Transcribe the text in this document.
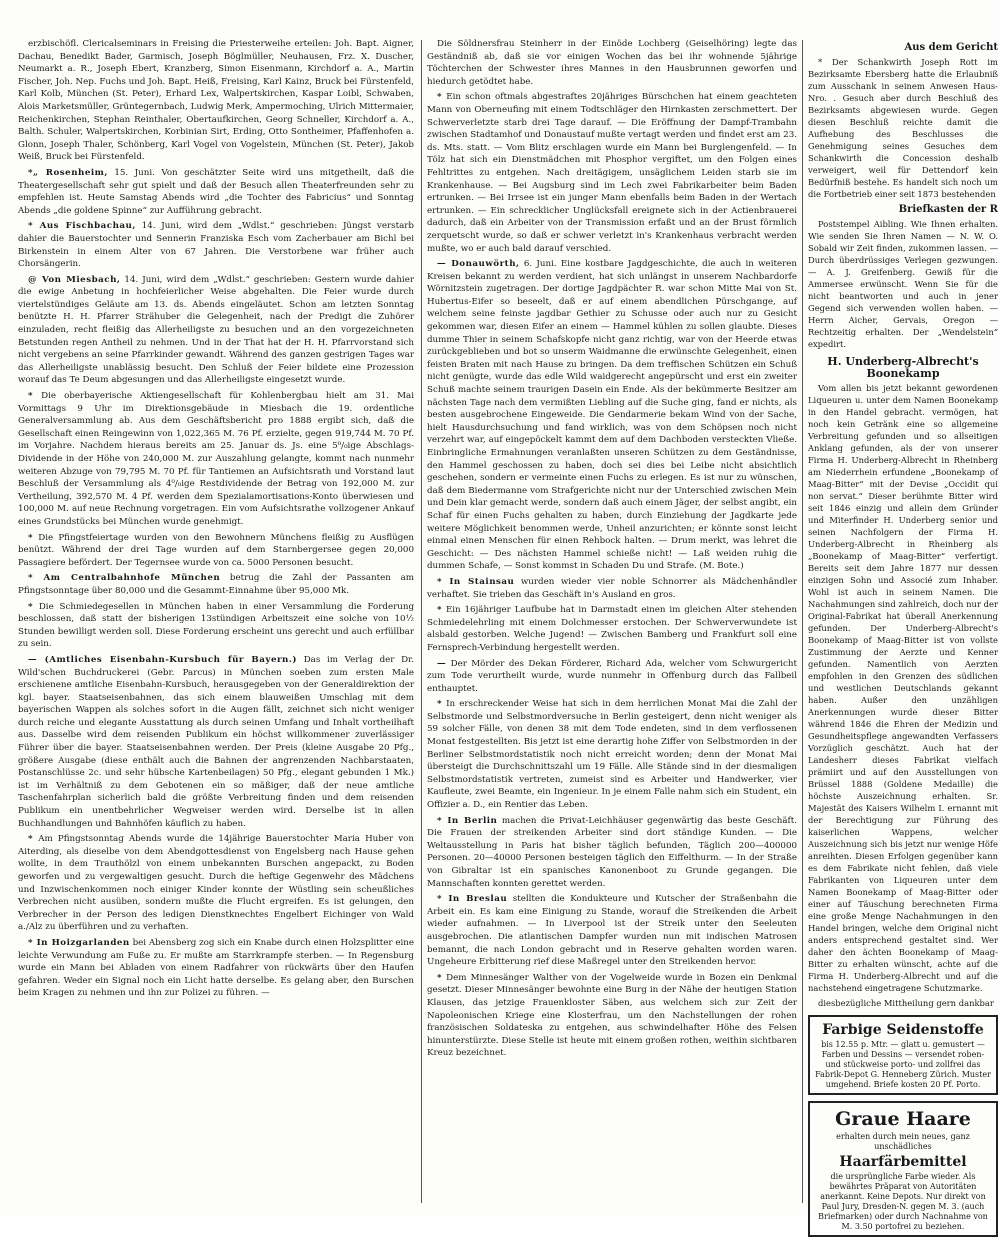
erzbischöfl. Clericalseminars in Freising die Priesterweihe erteilen: Joh. Bapt. Aigner, Dachau, Benedikt Bader, Garmisch, Joseph Böglmüller, Neuhausen, Frz. X. Duscher, Neumarkt a. R., Joseph Ebert, Kranzberg, Simon Eisenmann, Kirchdorf a. A., Martin Fischer, Joh. Nep. Fuchs und Joh. Bapt. Heiß, Freising, Karl Kainz, Bruck bei Fürstenfeld, Karl Kolb, München (St. Peter), Erhard Lex, Walpertskirchen, Kaspar Loibl, Schwaben, Alois Marketsmüller, Grüntegernbach, Ludwig Merk, Ampermoching, Ulrich Mittermaier, Reichenkirchen, Stephan Reinthaler, Obertaufkirchen, Georg Schneller, Kirchdorf a. A., Balth. Schuler, Walpertskirchen, Korbinian Sirt, Erding, Otto Sontheimer, Pfaffenhofen a. Glonn, Joseph Thaler, Schönberg, Karl Vogel von Vogelstein, München (St. Peter), Jakob Weiß, Bruck bei Fürstenfeld.

*„ Rosenheim, 15. Juni. Von geschätzter Seite wird uns mitgetheilt, daß die Theatergesellschaft sehr gut spielt und daß der Besuch allen Theaterfreunden sehr zu empfehlen ist. Heute Samstag Abends wird „die Tochter des Fabricius“ und Sonntag Abends „die goldene Spinne“ zur Aufführung gebracht.

* Aus Fischbachau, 14. Juni, wird dem „Wdlst.“ geschrieben: Jüngst verstarb dahier die Bauerstochter und Sennerin Franziska Esch vom Zacherbauer am Bichl bei Birkenstein in einem Alter von 67 Jahren. Die Verstorbene war früher auch Chorsängerin.

@ Von Miesbach, 14. Juni, wird dem „Wdlst.“ geschrieben: Gestern wurde dahier die ewige Anbetung in hochfeierlicher Weise abgehalten. Die Feier wurde durch viertelstündiges Geläute am 13. ds. Abends eingeläutet. Schon am letzten Sonntag benützte H. H. Pfarrer Strähuber die Gelegenheit, nach der Predigt die Zuhörer einzuladen, recht fleißig das Allerheiligste zu besuchen und an den vorgezeichneten Betstunden regen Antheil zu nehmen. Und in der That hat der H. H. Pfarrvorstand sich nicht vergebens an seine Pfarrkinder gewandt. Während des ganzen gestrigen Tages war das Allerheiligste unablässig besucht. Den Schluß der Feier bildete eine Prozession worauf das Te Deum abgesungen und das Allerheiligste eingesetzt wurde.

* Die oberbayerische Aktiengesellschaft für Kohlenbergbau hielt am 31. Mai Vormittags 9 Uhr im Direktionsgebäude in Miesbach die 19. ordentliche Generalversammlung ab. Aus dem Geschäftsbericht pro 1888 ergibt sich, daß die Gesellschaft einen Reingewinn von 1,022,365 M. 76 Pf. erzielte, gegen 919,744 M. 70 Pf. im Vorjahre. Nachdem hieraus bereits am 25. Januar ds. Js. eine 5⁰/₀ige Abschlags-Dividende in der Höhe von 240,000 M. zur Auszahlung gelangte, kommt nach nunmehr weiteren Abzuge von 79,795 M. 70 Pf. für Tantiemen an Aufsichtsrath und Vorstand laut Beschluß der Versammlung als 4⁰/₀ige Restdividende der Betrag von 192,000 M. zur Vertheilung, 392,570 M. 4 Pf. werden dem Spezialamortisations-Konto überwiesen und 100,000 M. auf neue Rechnung vorgetragen. Ein vom Aufsichtsrathe vollzogener Ankauf eines Grundstücks bei München wurde genehmigt.

* Die Pfingstfeiertage wurden von den Bewohnern Münchens fleißig zu Ausflügen benützt. Während der drei Tage wurden auf dem Starnbergersee gegen 20,000 Passagiere befördert. Der Tegernsee wurde von ca. 5000 Personen besucht.

* Am Centralbahnhofe München betrug die Zahl der Passanten am Pfingstsonntage über 80,000 und die Gesammt-Einnahme über 95,000 Mk.

* Die Schmiedegesellen in München haben in einer Versammlung die Forderung beschlossen, daß statt der bisherigen 13stündigen Arbeitszeit eine solche von 10½ Stunden bewilligt werden soll. Diese Forderung erscheint uns gerecht und auch erfüllbar zu sein.

— (Amtliches Eisenbahn-Kursbuch für Bayern.) Das im Verlag der Dr. Wild'schen Buchdruckerei (Gebr. Parcus) in München soeben zum ersten Male erschienene amtliche Eisenbahn-Kursbuch, herausgegeben von der Generaldirektion der kgl. bayer. Staatseisenbahnen, das sich einem blauweißen Umschlag mit dem bayerischen Wappen als solches sofort in die Augen fällt, zeichnet sich nicht weniger durch reiche und elegante Ausstattung als durch seinen Umfang und Inhalt vortheilhaft aus. Dasselbe wird dem reisenden Publikum ein höchst willkommener zuverlässiger Führer über die bayer. Staatseisenbahnen werden. Der Preis (kleine Ausgabe 20 Pfg., größere Ausgabe (diese enthält auch die Bahnen der angrenzenden Nachbarstaaten, Postanschlüsse 2c. und sehr hübsche Kartenbeilagen) 50 Pfg., elegant gebunden 1 Mk.) ist im Verhältniß zu dem Gebotenen ein so mäßiger, daß der neue amtliche Taschenfahrplan sicherlich bald die größte Verbreitung finden und dem reisenden Publikum ein unentbehrlicher Wegweiser werden wird. Derselbe ist in allen Buchhandlungen und Bahnhöfen käuflich zu haben.

* Am Pfingstsonntag Abends wurde die 14jährige Bauerstochter Maria Huber von Aiterding, als dieselbe von dem Abendgottesdienst von Engelsberg nach Hause gehen wollte, in dem Trauthölzl von einem unbekannten Burschen angepackt, zu Boden geworfen und zu vergewaltigen gesucht. Durch die heftige Gegenwehr des Mädchens und Inzwischenkommen noch einiger Kinder konnte der Wüstling sein scheußliches Verbrechen nicht ausüben, sondern mußte die Flucht ergreifen. Es ist gelungen, den Verbrecher in der Person des ledigen Dienstknechtes Engelbert Eichinger von Wald a./Alz zu überführen und zu verhaften.

* In Hoizgarlanden bei Abensberg zog sich ein Knabe durch einen Holzsplitter eine leichte Verwundung am Fuße zu. Er mußte am Starrkrampfe sterben. — In Regensburg wurde ein Mann bei Abladen von einem Radfahrer von rückwärts über den Haufen gefahren. Weder ein Signal noch ein Licht hatte derselbe. Es gelang aber, den Burschen beim Kragen zu nehmen und ihn zur Polizei zu führen. —

Die Söldnersfrau Steinherr in der Einöde Lochberg (Geiselhöring) legte das Geständniß ab, daß sie vor einigen Wochen das bei ihr wohnende 5jährige Töchterchen der Schwester ihres Mannes in den Hausbrunnen geworfen und hiedurch getödtet habe.

* Ein schon oftmals abgestraftes 20jähriges Bürschchen hat einem geachteten Mann von Oberneufing mit einem Todtschläger den Hirnkasten zerschmettert. Der Schwerverletzte starb drei Tage darauf. — Die Eröffnung der Dampf-Trambahn zwischen Stadtamhof und Donaustauf mußte vertagt werden und findet erst am 23. ds. Mts. statt. — Vom Blitz erschlagen wurde ein Mann bei Burglengenfeld. — In Tölz hat sich ein Dienstmädchen mit Phosphor vergiftet, um den Folgen eines Fehltrittes zu entgehen. Nach dreitägigem, unsäglichem Leiden starb sie im Krankenhause. — Bei Augsburg sind im Lech zwei Fabrikarbeiter beim Baden ertrunken. — Bei Irrsee ist ein junger Mann ebenfalls beim Baden in der Wertach ertrunken. — Ein schrecklicher Unglücksfall ereignete sich in der Actienbrauerei dadurch, daß ein Arbeiter von der Transmission erfaßt und an der Brust förmlich zerquetscht wurde, so daß er schwer verletzt in's Krankenhaus verbracht werden mußte, wo er auch bald darauf verschied.

— Donauwörth, 6. Juni. Eine kostbare Jagdgeschichte, die auch in weiteren Kreisen bekannt zu werden verdient, hat sich unlängst in unserem Nachbardorfe Wörnitzstein zugetragen. Der dortige Jagdpächter R. war schon Mitte Mai von St. Hubertus-Eifer so beseelt, daß er auf einem abendlichen Pürschgange, auf welchem seine feinste jagdbar Gethier zu Schusse oder auch nur zu Gesicht gekommen war, diesen Eifer an einem — Hammel kühlen zu sollen glaubte. Dieses dumme Thier in seinem Schafskopfe nicht ganz richtig, war von der Heerde etwas zurückgeblieben und bot so unserm Waidmanne die erwünschte Gelegenheit, einen feisten Braten mit nach Hause zu bringen. Da dem treffischen Schützen ein Schuß nicht genügte, wurde das edle Wild waidgerecht angepürscht und erst ein zweiter Schuß machte seinem traurigen Dasein ein Ende. Als der bekümmerte Besitzer am nächsten Tage nach dem vermißten Liebling auf die Suche ging, fand er nichts, als besten ausgebrochene Eingeweide. Die Gendarmerie bekam Wind von der Sache, hielt Hausdurchsuchung und fand wirklich, was von dem Schöpsen noch nicht verzehrt war, auf eingepöckelt kammt dem auf dem Dachboden versteckten Vließe. Einbringliche Ermahnungen veranlaßten unseren Schützen zu dem Geständnisse, den Hammel geschossen zu haben, doch sei dies bei Leibe nicht absichtlich geschehen, sondern er vermeinte einen Fuchs zu erlegen. Es ist nur zu wünschen, daß dem Biedermanne vom Strafgerichte nicht nur der Unterschied zwischen Mein und Dein klar gemacht werde, sondern daß auch einem Jäger, der selbst angibt, ein Schaf für einen Fuchs gehalten zu haben, durch Einziehung der Jagdkarte jede weitere Möglichkeit benommen werde, Unheil anzurichten; er könnte sonst leicht einmal einen Menschen für einen Rehbock halten. — Drum merkt, was lehret die Geschicht: — Des nächsten Hammel schieße nicht! — Laß weiden ruhig die dummen Schafe, — Sonst kommst in Schaden Du und Strafe. (M. Bote.)

* In Stainsau wurden wieder vier noble Schnorrer als Mädchenhändler verhaftet. Sie trieben das Geschäft in's Ausland en gros.

* Ein 16jähriger Laufbube hat in Darmstadt einen im gleichen Alter stehenden Schmiedelehrling mit einem Dolchmesser erstochen. Der Schwerverwundete ist alsbald gestorben. Welche Jugend! — Zwischen Bamberg und Frankfurt soll eine Fernsprech-Verbindung hergestellt werden.

— Der Mörder des Dekan Förderer, Richard Ada, welcher vom Schwurgericht zum Tode verurtheilt wurde, wurde nunmehr in Offenburg durch das Fallbeil enthauptet.

* In erschreckender Weise hat sich in dem herrlichen Monat Mai die Zahl der Selbstmorde und Selbstmordversuche in Berlin gesteigert, denn nicht weniger als 59 solcher Fälle, von denen 38 mit dem Tode endeten, sind in dem verflossenen Monat festgestellten. Bis jetzt ist eine derartig hohe Ziffer von Selbstmorden in der Berliner Selbstmordstatistik noch nicht erreicht worden; denn der Monat Mai übersteigt die Durchschnittszahl um 19 Fälle. Alle Stände sind in der diesmaligen Selbstmordstatistik vertreten, zumeist sind es Arbeiter und Handwerker, vier Kaufleute, zwei Beamte, ein Ingenieur. In je einem Falle nahm sich ein Student, ein Offizier a. D., ein Rentier das Leben.

* In Berlin machen die Privat-Leichhäuser gegenwärtig das beste Geschäft. Die Frauen der streikenden Arbeiter sind dort ständige Kunden. — Die Weltausstellung in Paris hat bisher täglich befunden, Täglich 200—400000 Personen. 20—40000 Personen besteigen täglich den Eiffelthurm. — In der Straße von Gibraltar ist ein spanisches Kanonenboot zu Grunde gegangen. Die Mannschaften konnten gerettet werden.

* In Breslau stellten die Kondukteure und Kutscher der Straßenbahn die Arbeit ein. Es kam eine Einigung zu Stande, worauf die Streikenden die Arbeit wieder aufnahmen. — In Liverpool ist der Streik unter den Seeleuten ausgebrochen. Die atlantischen Dampfer wurden nun mit indischen Matrosen bemannt, die nach London gebracht und in Reserve gehalten worden waren. Ungeheure Erbitterung rief diese Maßregel unter den Streikenden hervor.

* Dem Minnesänger Walther von der Vogelweide wurde in Bozen ein Denkmal gesetzt. Dieser Minnesänger bewohnte eine Burg in der Nähe der heutigen Station Klausen, das jetzige Frauenkloster Säben, aus welchem sich zur Zeit der Napoleonischen Kriege eine Klosterfrau, um den Nachstellungen der rohen französischen Soldateska zu entgehen, aus schwindelhafter Höhe des Felsen hinunterstürzte. Diese Stelle ist heute mit einem großen rothen, weithin sichtbaren Kreuz bezeichnet.

Aus dem Gericht

* Der Schankwirth Joseph Rott im Bezirksamte Ebersberg hatte die Erlaubniß zum Ausschank in seinem Anwesen Haus-Nro. . Gesuch aber durch Beschluß des Bezirksamts abgewiesen wurde. Gegen diesen Beschluß reichte damit die Aufhebung des Beschlusses die Genehmigung seines Gesuches dem Schankwirth die Concession deshalb verweigert, weil für Dettendorf kein Bedürfniß bestehe. Es handelt sich noch um die Fortbetrieb einer seit 1873 bestehenden

Briefkasten der R

Poststempel Aibling. Wie Ihnen erhalten. Wie senden Sie Ihren Namen — N. W. O. Sobald wir Zeit finden, zukommen lassen. — Durch überdrüssiges Verlegen gezwungen. — A. J. Greifenberg. Gewiß für die Ammersee erwünscht. Wenn Sie für die nicht beantworten und auch in jener Gegend sich verwenden wollen haben. — Herrn Aicher, Gervais, Oregon — Rechtzeitig erhalten. Der „Wendelstein“ expedirt.

H. Underberg-Albrecht's Boonekamp

Vom allen bis jetzt bekannt gewordenen Liqueuren u. unter dem Namen Boonekamp in den Handel gebracht. vermögen, hat noch kein Getränk eine so allgemeine Verbreitung gefunden und so allseitigen Anklang gefunden, als der von unserer Firma H. Underberg-Albrecht in Rheinberg am Niederrhein erfundene „Boonekamp of Maag-Bitter“ mit der Devise „Occidit qui non servat.“ Dieser berühmte Bitter wird seit 1846 einzig und allein dem Gründer und Miterfinder H. Underberg senior und seinen Nachfolgern der Firma H. Underberg-Albrecht in Rheinberg als „Boonekamp of Maag-Bitter“ verfertigt. Bereits seit dem Jahre 1877 nur dessen einzigen Sohn und Associé zum Inhaber. Wohl ist auch in seinem Namen. Die Nachahmungen sind zahlreich, doch nur der Original-Fabrikat hat überall Anerkennung gefunden. Der Underberg-Albrecht's Boonekamp of Maag-Bitter ist von vollste Zustimmung der Aerzte und Kenner gefunden. Namentlich von Aerzten empfohlen in den Grenzen des südlichen und westlichen Deutschlands gekannt haben. Außer den unzähligen Anerkennungen wurde dieser Bitter während 1846 die Ehren der Medizin und Gesundheitspflege angewandten Verfassers Vorzüglich geschätzt. Auch hat der Landesherr dieses Fabrikat vielfach prämiirt und auf den Ausstellungen von Brüssel 1888 (Goldene Medaille) die höchste Auszeichnung erhalten. Sr. Majestät des Kaisers Wilhelm I. ernannt mit der Berechtigung zur Führung des kaiserlichen Wappens, welcher Auszeichnung sich bis jetzt nur wenige Höfe anreihten. Diesen Erfolgen gegenüber kann es dem Fabrikate nicht fehlen, daß viele Fabrikanten von Liqueuren unter dem Namen Boonekamp of Maag-Bitter oder einer auf Täuschung berechneten Firma eine große Menge Nachahmungen in den Handel bringen, welche dem Original nicht anders entsprechend gestaltet sind. Wer daher den ächten Boonekamp of Maag-Bitter zu erhalten wünscht, achte auf die Firma H. Underberg-Albrecht und auf die nachstehend eingetragene Schutzmarke.

diesbezügliche Mittheilung gern dankbar

Farbige Seidenstoffe
bis 12.55 p. Mtr. — glatt u. gemustert — Farben und Dessins — versendet roben- und stückweise porto- und zollfrei das Fabrik-Depot G. Henneberg Zürich. Muster umgehend. Briefe kosten 20 Pf. Porto.
Graue Haare
erhalten durch mein neues, ganz unschädliches
Haarfärbemittel
die ursprüngliche Farbe wieder. Als bewährtes Präparat von Autoritäten anerkannt. Keine Depots. Nur direkt von Paul Jury, Dresden-N. gegen M. 3. (auch Briefmarken) oder durch Nachnahme von M. 3.50 portofrei zu beziehen.
